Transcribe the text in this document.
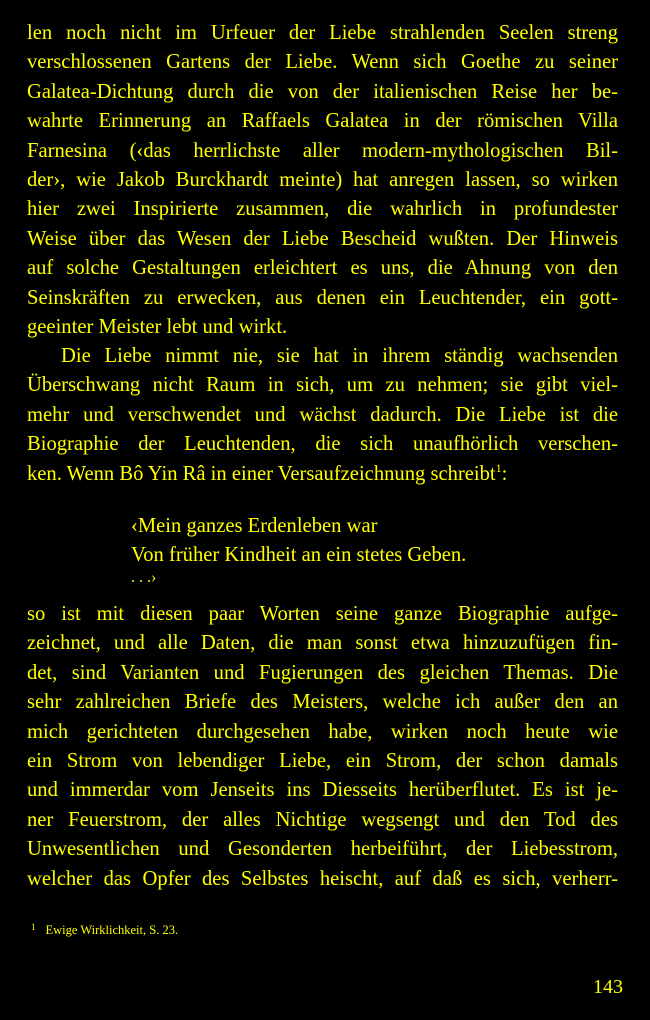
len noch nicht im Urfeuer der Liebe strahlenden Seelen streng
verschlossenen Gartens der Liebe. Wenn sich Goethe zu seiner
Galatea-Dichtung durch die von der italienischen Reise her be-
wahrte Erinnerung an Raffaels Galatea in der römischen Villa
Farnesina (‹das herrlichste aller modern-mythologischen Bil-
der›, wie Jakob Burckhardt meinte) hat anregen lassen, so wirken
hier zwei Inspirierte zusammen, die wahrlich in profundester
Weise über das Wesen der Liebe Bescheid wußten. Der Hinweis
auf solche Gestaltungen erleichtert es uns, die Ahnung von den
Seinskräften zu erwecken, aus denen ein Leuchtender, ein gott-
geeinter Meister lebt und wirkt.
Die Liebe nimmt nie, sie hat in ihrem ständig wachsenden
Überschwang nicht Raum in sich, um zu nehmen; sie gibt viel-
mehr und verschwendet und wächst dadurch. Die Liebe ist die
Biographie der Leuchtenden, die sich unaufhörlich verschen-
ken. Wenn Bô Yin Râ in einer Versaufzeichnung schreibt$^1$:
‹Mein ganzes Erdenleben war
Von früher Kindheit an ein stetes Geben.
. . .›
so ist mit diesen paar Worten seine ganze Biographie aufge-
zeichnet, und alle Daten, die man sonst etwa hinzuzufügen fin-
det, sind Varianten und Fugierungen des gleichen Themas. Die
sehr zahlreichen Briefe des Meisters, welche ich außer den an
mich gerichteten durchgesehen habe, wirken noch heute wie
ein Strom von lebendiger Liebe, ein Strom, der schon damals
und immerdar vom Jenseits ins Diesseits herüberflutet. Es ist je-
ner Feuerstrom, der alles Nichtige wegsengt und den Tod des
Unwesentlichen und Gesonderten herbeiführt, der Liebesstrom,
welcher das Opfer des Selbstes heischt, auf daß es sich, verherr-
$^1$ Ewige Wirklichkeit, S. 23.
143
